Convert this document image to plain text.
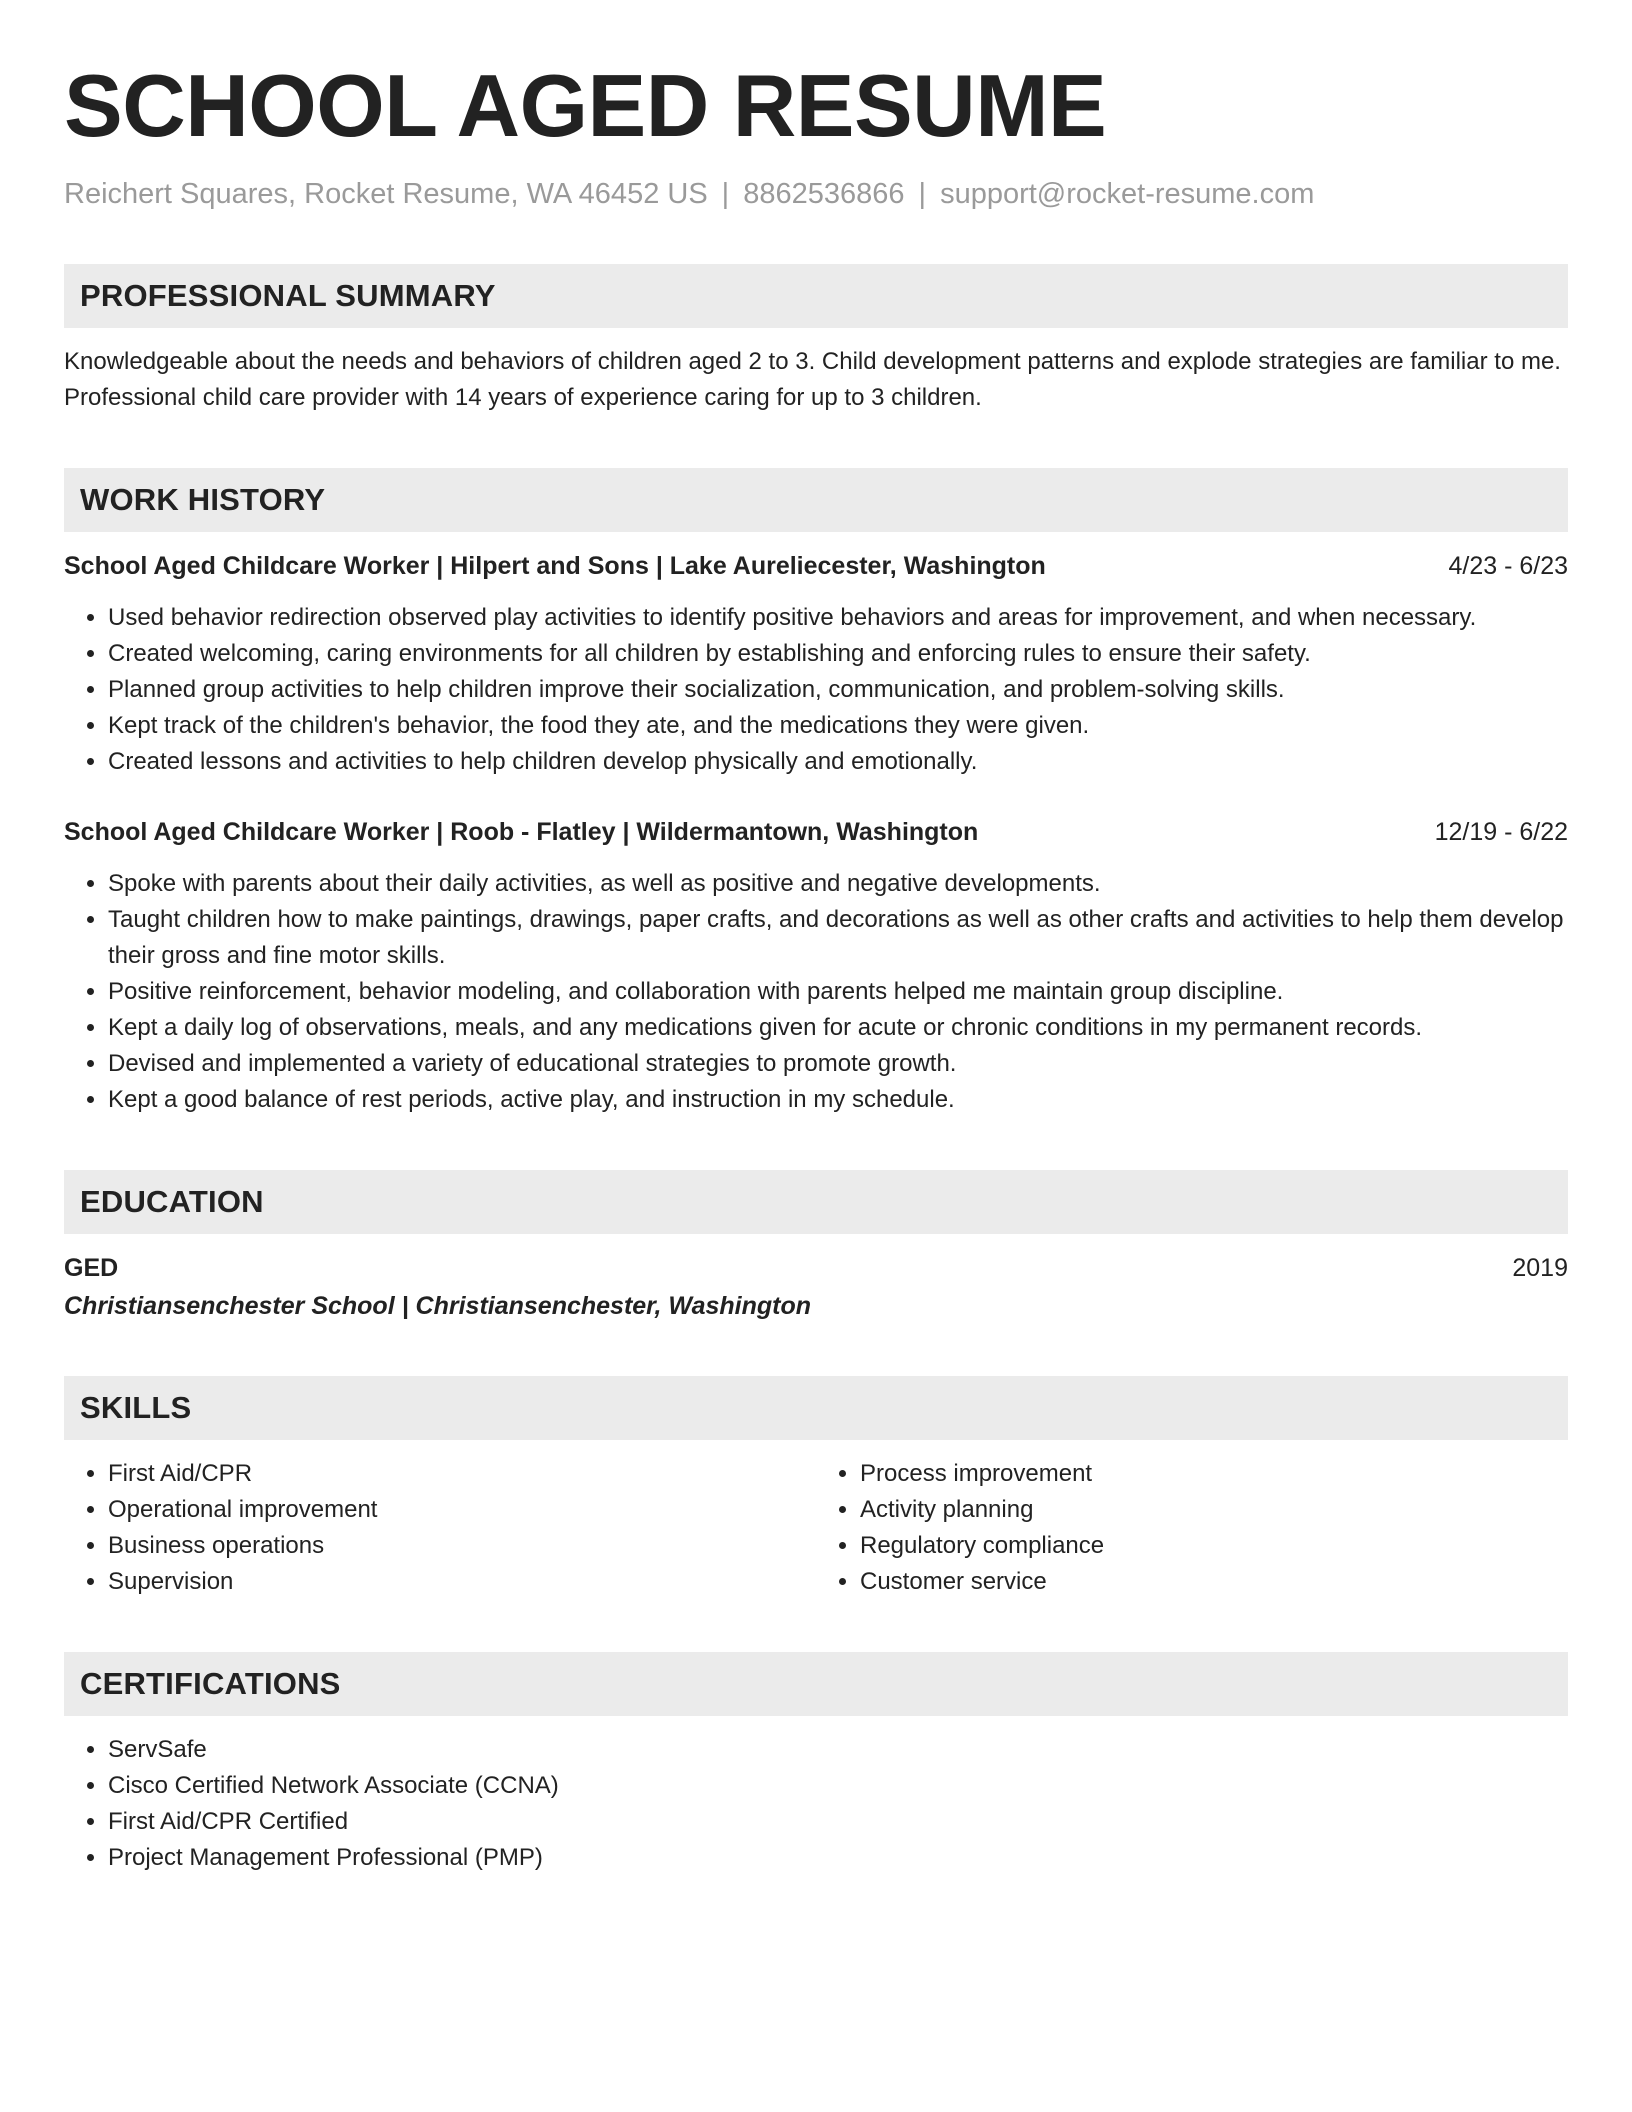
SCHOOL AGED RESUME
Reichert Squares, Rocket Resume, WA 46452 US | 8862536866 | support@rocket-resume.com
PROFESSIONAL SUMMARY

Knowledgeable about the needs and behaviors of children aged 2 to 3. Child development patterns and explode strategies are familiar to me. Professional child care provider with 14 years of experience caring for up to 3 children.

WORK HISTORY
School Aged Childcare Worker | Hilpert and Sons | Lake Aureliecester, Washington	4/23 - 6/23
• Used behavior redirection observed play activities to identify positive behaviors and areas for improvement, and when necessary.
• Created welcoming, caring environments for all children by establishing and enforcing rules to ensure their safety.
• Planned group activities to help children improve their socialization, communication, and problem-solving skills.
• Kept track of the children's behavior, the food they ate, and the medications they were given.
• Created lessons and activities to help children develop physically and emotionally.
School Aged Childcare Worker | Roob - Flatley | Wildermantown, Washington	12/19 - 6/22
• Spoke with parents about their daily activities, as well as positive and negative developments.
• Taught children how to make paintings, drawings, paper crafts, and decorations as well as other crafts and activities to help them develop their gross and fine motor skills.
• Positive reinforcement, behavior modeling, and collaboration with parents helped me maintain group discipline.
• Kept a daily log of observations, meals, and any medications given for acute or chronic conditions in my permanent records.
• Devised and implemented a variety of educational strategies to promote growth.
• Kept a good balance of rest periods, active play, and instruction in my schedule.
EDUCATION
GED	2019
Christiansenchester School | Christiansenchester, Washington
SKILLS
• First Aid/CPR
• Operational improvement
• Business operations
• Supervision
• Process improvement
• Activity planning
• Regulatory compliance
• Customer service
CERTIFICATIONS
• ServSafe
• Cisco Certified Network Associate (CCNA)
• First Aid/CPR Certified
• Project Management Professional (PMP)
